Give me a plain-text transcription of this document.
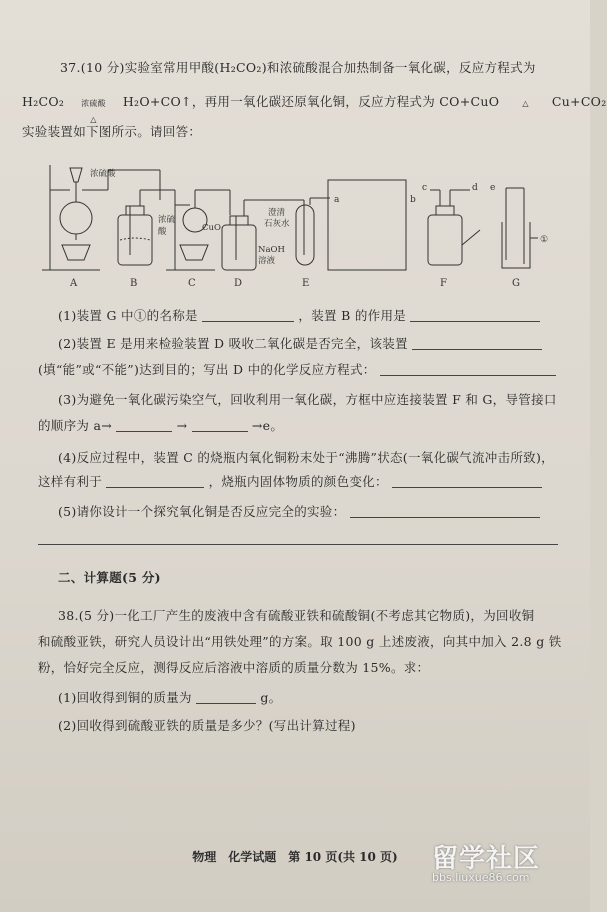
37.(10 分)实验室常用甲酸(H₂CO₂)和浓硫酸混合加热制备一氧化碳，反应方程式为
H₂CO₂	浓硫酸
△
H₂O+CO↑，再用一氧化碳还原氧化铜，反应方程式为 CO+CuO	△	Cu+CO₂
实验装置如下图所示。请回答：
浓硫酸
浓硫
酸	CuO
NaOH
溶液
澄清
石灰水
a	b
c	d e
①
A	B	C	D	E	F	G
(1)装置 G 中①的名称是	，装置 B 的作用是
(2)装置 E 是用来检验装置 D 吸收二氧化碳是否完全，该装置
(填“能”或“不能”)达到目的；写出 D 中的化学反应方程式：
(3)为避免一氧化碳污染空气，回收利用一氧化碳，方框中应连接装置 F 和 G，导管接口
的顺序为 a→	→	→e。
(4)反应过程中，装置 C 的烧瓶内氧化铜粉末处于“沸腾”状态(一氧化碳气流冲击所致)，
这样有利于	，烧瓶内固体物质的颜色变化：
(5)请你设计一个探究氧化铜是否反应完全的实验：
二、计算题(5 分)
38.(5 分)一化工厂产生的废液中含有硫酸亚铁和硫酸铜(不考虑其它物质)，为回收铜
和硫酸亚铁，研究人员设计出“用铁处理”的方案。取 100 g 上述废液，向其中加入 2.8 g 铁
粉，恰好完全反应，测得反应后溶液中溶质的质量分数为 15%。求：
(1)回收得到铜的质量为	g。
(2)回收得到硫酸亚铁的质量是多少？(写出计算过程)
物理　化学试题　第 10 页(共 10 页)	留学社区
bbs.liuxue86.com
